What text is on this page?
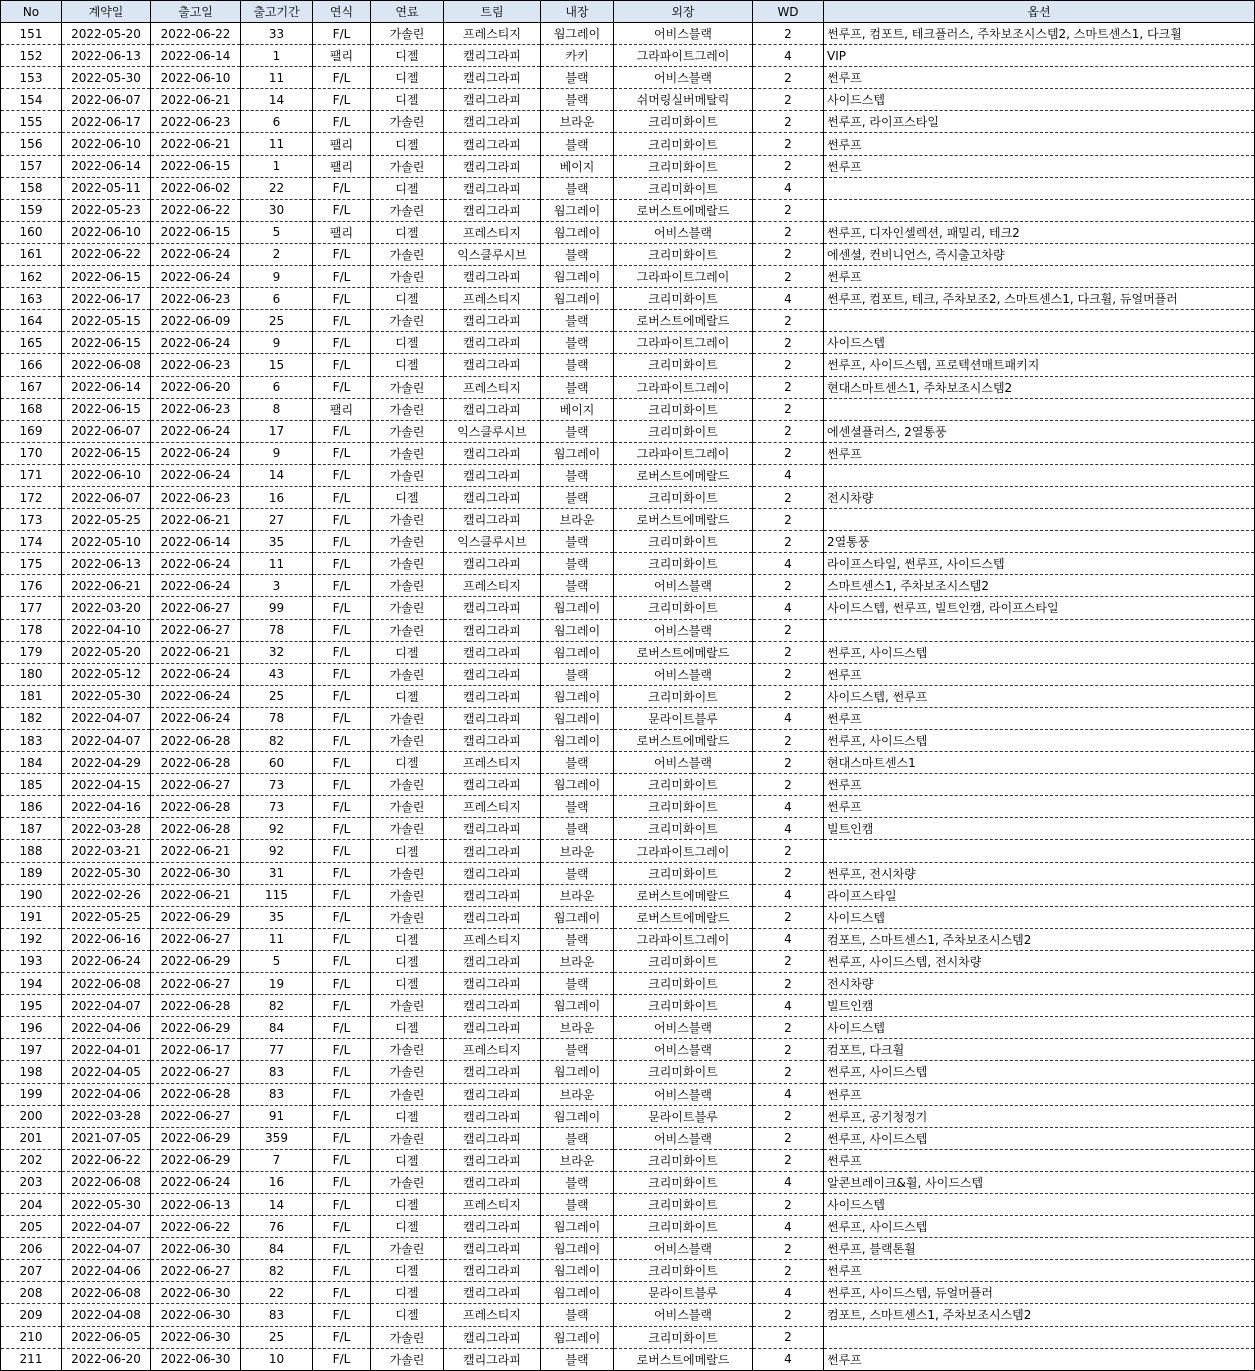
No	계약일	출고일	출고기간	연식	연료	트림	내장	외장	WD	옵션
151	2022-05-20	2022-06-22	33	F/L	가솔린	프레스티지	웜그레이	어비스블랙	2	썬루프, 컴포트, 테크플러스, 주차보조시스템2, 스마트센스1, 다크휠
152	2022-06-13	2022-06-14	1	팰리	디젤	캘리그라피	카키	그라파이트그레이	4	VIP
153	2022-05-30	2022-06-10	11	F/L	디젤	캘리그라피	블랙	어비스블랙	2	썬루프
154	2022-06-07	2022-06-21	14	F/L	디젤	캘리그라피	블랙	쉬머링실버메탈릭	2	사이드스텝
155	2022-06-17	2022-06-23	6	F/L	가솔린	캘리그라피	브라운	크리미화이트	2	썬루프, 라이프스타일
156	2022-06-10	2022-06-21	11	팰리	디젤	캘리그라피	블랙	크리미화이트	2	썬루프
157	2022-06-14	2022-06-15	1	팰리	가솔린	캘리그라피	베이지	크리미화이트	2	썬루프
158	2022-05-11	2022-06-02	22	F/L	디젤	캘리그라피	블랙	크리미화이트	4	
159	2022-05-23	2022-06-22	30	F/L	가솔린	캘리그라피	웜그레이	로버스트에메랄드	2	
160	2022-06-10	2022-06-15	5	팰리	디젤	프레스티지	웜그레이	어비스블랙	2	썬루프, 디자인셀렉션, 패밀리, 테크2
161	2022-06-22	2022-06-24	2	F/L	가솔린	익스클루시브	블랙	크리미화이트	2	에센셜, 컨비니언스, 즉시출고차량
162	2022-06-15	2022-06-24	9	F/L	가솔린	캘리그라피	웜그레이	그라파이트그레이	2	썬루프
163	2022-06-17	2022-06-23	6	F/L	디젤	프레스티지	웜그레이	크리미화이트	4	썬루프, 컴포트, 테크, 주차보조2, 스마트센스1, 다크휠, 듀얼머플러
164	2022-05-15	2022-06-09	25	F/L	가솔린	캘리그라피	블랙	로버스트에메랄드	2	
165	2022-06-15	2022-06-24	9	F/L	디젤	캘리그라피	블랙	그라파이트그레이	2	사이드스텝
166	2022-06-08	2022-06-23	15	F/L	디젤	캘리그라피	블랙	크리미화이트	2	썬루프, 사이드스텝, 프로텍션매트패키지
167	2022-06-14	2022-06-20	6	F/L	가솔린	프레스티지	블랙	그라파이트그레이	2	현대스마트센스1, 주차보조시스템2
168	2022-06-15	2022-06-23	8	팰리	가솔린	캘리그라피	베이지	크리미화이트	2	
169	2022-06-07	2022-06-24	17	F/L	가솔린	익스클루시브	블랙	크리미화이트	2	에센셜플러스, 2열통풍
170	2022-06-15	2022-06-24	9	F/L	가솔린	캘리그라피	웜그레이	그라파이트그레이	2	썬루프
171	2022-06-10	2022-06-24	14	F/L	가솔린	캘리그라피	블랙	로버스트에메랄드	4	
172	2022-06-07	2022-06-23	16	F/L	디젤	캘리그라피	블랙	크리미화이트	2	전시차량
173	2022-05-25	2022-06-21	27	F/L	가솔린	캘리그라피	브라운	로버스트에메랄드	2	
174	2022-05-10	2022-06-14	35	F/L	가솔린	익스클루시브	블랙	크리미화이트	2	2열통풍
175	2022-06-13	2022-06-24	11	F/L	가솔린	캘리그라피	블랙	크리미화이트	4	라이프스타일, 썬루프, 사이드스텝
176	2022-06-21	2022-06-24	3	F/L	가솔린	프레스티지	블랙	어비스블랙	2	스마트센스1, 주차보조시스템2
177	2022-03-20	2022-06-27	99	F/L	가솔린	캘리그라피	웜그레이	크리미화이트	4	사이드스텝, 썬루프, 빌트인캠, 라이프스타일
178	2022-04-10	2022-06-27	78	F/L	가솔린	캘리그라피	웜그레이	어비스블랙	2	
179	2022-05-20	2022-06-21	32	F/L	디젤	캘리그라피	웜그레이	로버스트에메랄드	2	썬루프, 사이드스텝
180	2022-05-12	2022-06-24	43	F/L	가솔린	캘리그라피	블랙	어비스블랙	2	썬루프
181	2022-05-30	2022-06-24	25	F/L	디젤	캘리그라피	웜그레이	크리미화이트	2	사이드스텝, 썬루프
182	2022-04-07	2022-06-24	78	F/L	가솔린	캘리그라피	웜그레이	문라이트블루	4	썬루프
183	2022-04-07	2022-06-28	82	F/L	가솔린	캘리그라피	웜그레이	로버스트에메랄드	2	썬루프, 사이드스텝
184	2022-04-29	2022-06-28	60	F/L	디젤	프레스티지	블랙	어비스블랙	2	현대스마트센스1
185	2022-04-15	2022-06-27	73	F/L	가솔린	캘리그라피	웜그레이	크리미화이트	2	썬루프
186	2022-04-16	2022-06-28	73	F/L	가솔린	프레스티지	블랙	크리미화이트	4	썬루프
187	2022-03-28	2022-06-28	92	F/L	가솔린	캘리그라피	블랙	크리미화이트	4	빌트인캠
188	2022-03-21	2022-06-21	92	F/L	디젤	캘리그라피	브라운	그라파이트그레이	2	
189	2022-05-30	2022-06-30	31	F/L	가솔린	캘리그라피	블랙	크리미화이트	2	썬루프, 전시차량
190	2022-02-26	2022-06-21	115	F/L	가솔린	캘리그라피	브라운	로버스트에메랄드	4	라이프스타일
191	2022-05-25	2022-06-29	35	F/L	가솔린	캘리그라피	웜그레이	로버스트에메랄드	2	사이드스텝
192	2022-06-16	2022-06-27	11	F/L	디젤	프레스티지	블랙	그라파이트그레이	4	컴포트, 스마트센스1, 주차보조시스템2
193	2022-06-24	2022-06-29	5	F/L	디젤	캘리그라피	브라운	크리미화이트	2	썬루프, 사이드스텝, 전시차량
194	2022-06-08	2022-06-27	19	F/L	디젤	캘리그라피	블랙	크리미화이트	2	전시차량
195	2022-04-07	2022-06-28	82	F/L	가솔린	캘리그라피	웜그레이	크리미화이트	4	빌트인캠
196	2022-04-06	2022-06-29	84	F/L	디젤	캘리그라피	브라운	어비스블랙	2	사이드스텝
197	2022-04-01	2022-06-17	77	F/L	가솔린	프레스티지	블랙	어비스블랙	2	컴포트, 다크휠
198	2022-04-05	2022-06-27	83	F/L	가솔린	캘리그라피	웜그레이	크리미화이트	2	썬루프, 사이드스텝
199	2022-04-06	2022-06-28	83	F/L	가솔린	캘리그라피	브라운	어비스블랙	4	썬루프
200	2022-03-28	2022-06-27	91	F/L	디젤	캘리그라피	웜그레이	문라이트블루	2	썬루프, 공기청정기
201	2021-07-05	2022-06-29	359	F/L	가솔린	캘리그라피	블랙	어비스블랙	2	썬루프, 사이드스텝
202	2022-06-22	2022-06-29	7	F/L	디젤	캘리그라피	브라운	크리미화이트	2	썬루프
203	2022-06-08	2022-06-24	16	F/L	가솔린	캘리그라피	블랙	크리미화이트	4	알콘브레이크&휠, 사이드스텝
204	2022-05-30	2022-06-13	14	F/L	디젤	프레스티지	블랙	크리미화이트	2	사이드스텝
205	2022-04-07	2022-06-22	76	F/L	디젤	캘리그라피	웜그레이	크리미화이트	4	썬루프, 사이드스텝
206	2022-04-07	2022-06-30	84	F/L	가솔린	캘리그라피	웜그레이	어비스블랙	2	썬루프, 블랙톤휠
207	2022-04-06	2022-06-27	82	F/L	디젤	캘리그라피	웜그레이	크리미화이트	2	썬루프
208	2022-06-08	2022-06-30	22	F/L	디젤	캘리그라피	웜그레이	문라이트블루	4	썬루프, 사이드스텝, 듀얼머플러
209	2022-04-08	2022-06-30	83	F/L	디젤	프레스티지	블랙	어비스블랙	2	컴포트, 스마트센스1, 주차보조시스템2
210	2022-06-05	2022-06-30	25	F/L	가솔린	캘리그라피	웜그레이	크리미화이트	2	
211	2022-06-20	2022-06-30	10	F/L	가솔린	캘리그라피	블랙	로버스트에메랄드	4	썬루프
